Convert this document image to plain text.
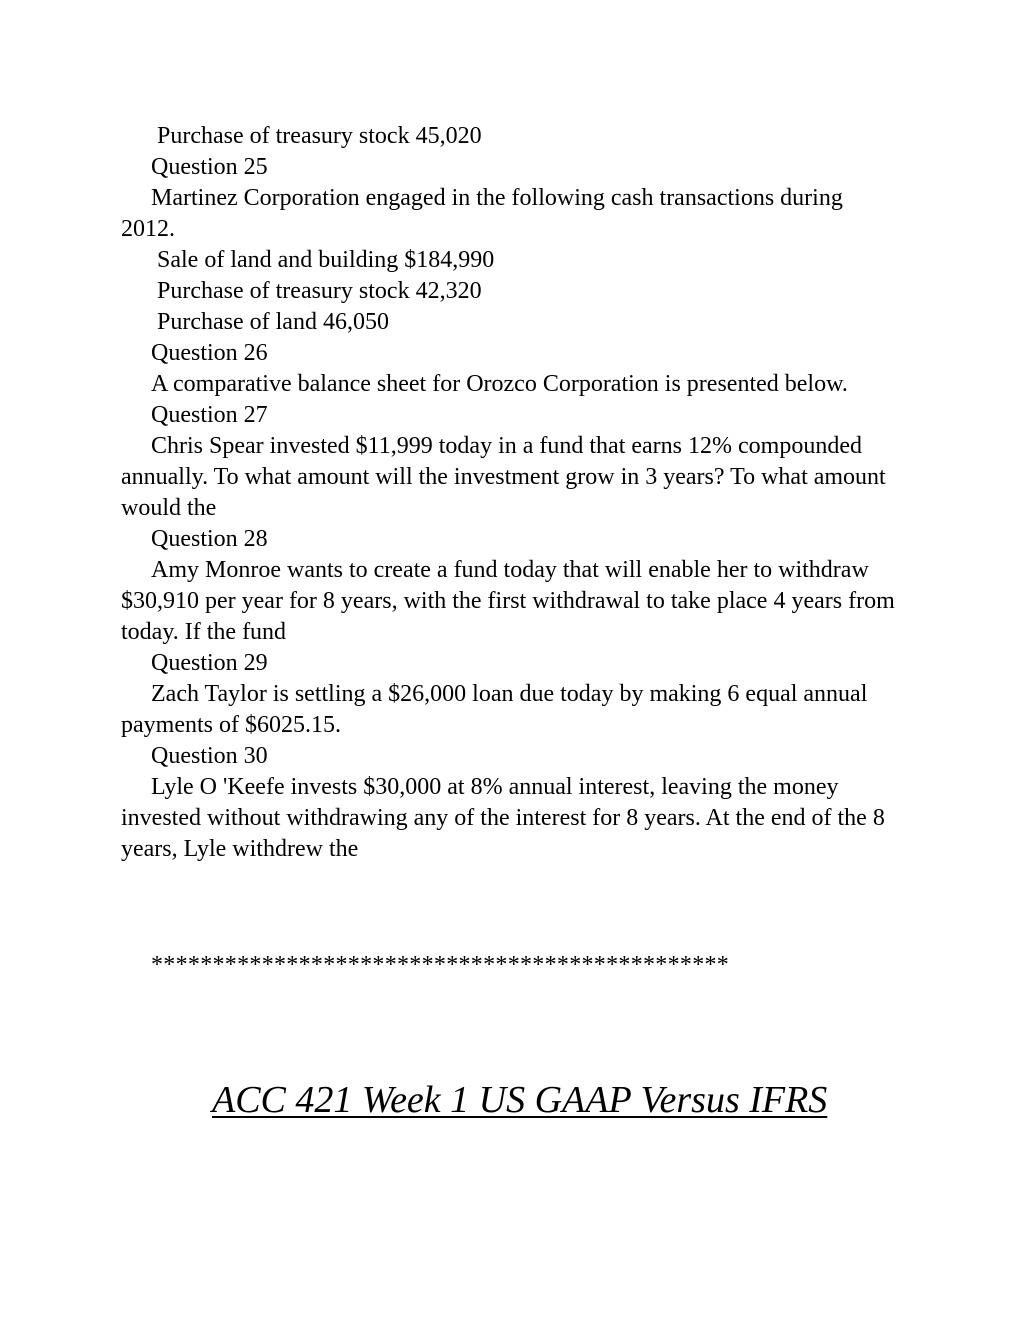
Purchase of treasury stock 45,020

Question 25

Martinez Corporation engaged in the following cash transactions during 2012.

Sale of land and building $184,990

Purchase of treasury stock 42,320

Purchase of land 46,050

Question 26

A comparative balance sheet for Orozco Corporation is presented below.

Question 27

Chris Spear invested $11,999 today in a fund that earns 12% compounded annually. To what amount will the investment grow in 3 years? To what amount would the

Question 28

Amy Monroe wants to create a fund today that will enable her to withdraw $30,910 per year for 8 years, with the first withdrawal to take place 4 years from today. If the fund

Question 29

Zach Taylor is settling a $26,000 loan due today by making 6 equal annual payments of $6025.15.

Question 30

Lyle O 'Keefe invests $30,000 at 8% annual interest, leaving the money invested without withdrawing any of the interest for 8 years. At the end of the 8 years, Lyle withdrew the

***********************************************
ACC 421 Week 1 US GAAP Versus IFRS
